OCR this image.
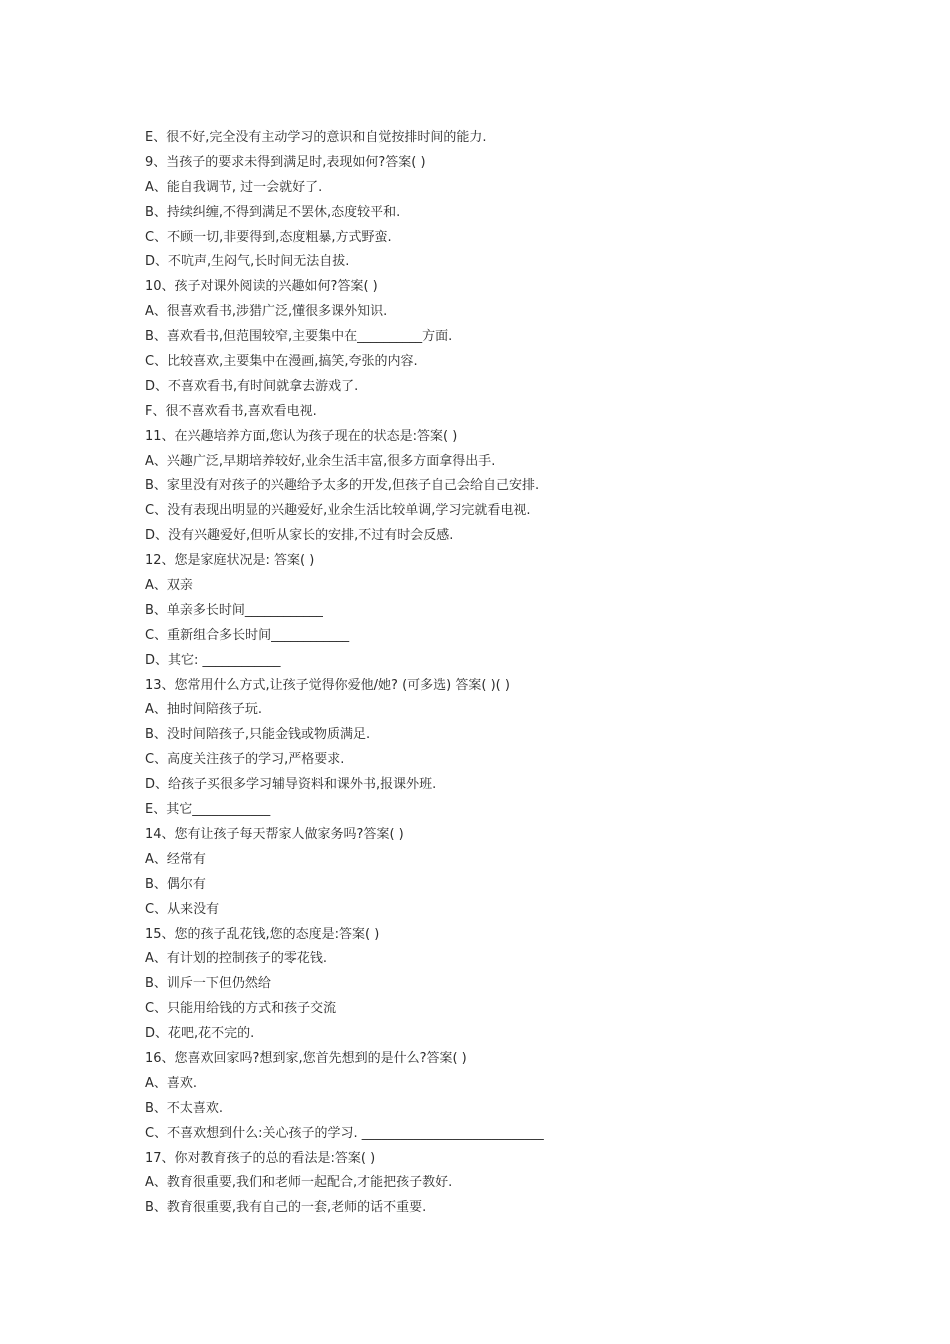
E、很不好,完全没有主动学习的意识和自觉按排时间的能力.
9、当孩子的要求未得到满足时,表现如何?答案( )
A、能自我调节, 过一会就好了.
B、持续纠缠,不得到满足不罢休,态度较平和.
C、不顾一切,非要得到,态度粗暴,方式野蛮.
D、不吭声,生闷气,长时间无法自拔.
10、孩子对课外阅读的兴趣如何?答案( )
A、很喜欢看书,涉猎广泛,懂很多课外知识.
B、喜欢看书,但范围较窄,主要集中在__________方面.
C、比较喜欢,主要集中在漫画,搞笑,夸张的内容.
D、不喜欢看书,有时间就拿去游戏了.
F、很不喜欢看书,喜欢看电视.
11、在兴趣培养方面,您认为孩子现在的状态是:答案( )
A、兴趣广泛,早期培养较好,业余生活丰富,很多方面拿得出手.
B、家里没有对孩子的兴趣给予太多的开发,但孩子自己会给自己安排.
C、没有表现出明显的兴趣爱好,业余生活比较单调,学习完就看电视.
D、没有兴趣爱好,但听从家长的安排,不过有时会反感.
12、您是家庭状况是: 答案( )
A、双亲
B、单亲多长时间____________
C、重新组合多长时间____________
D、其它: ____________
13、您常用什么方式,让孩子觉得你爱他/她? (可多选) 答案( )( )
A、抽时间陪孩子玩.
B、没时间陪孩子,只能金钱或物质满足.
C、高度关注孩子的学习,严格要求.
D、给孩子买很多学习辅导资料和课外书,报课外班.
E、其它____________
14、您有让孩子每天帮家人做家务吗?答案( )
A、经常有
B、偶尔有
C、从来没有
15、您的孩子乱花钱,您的态度是:答案( )
A、有计划的控制孩子的零花钱.
B、训斥一下但仍然给
C、只能用给钱的方式和孩子交流
D、花吧,花不完的.
16、您喜欢回家吗?想到家,您首先想到的是什么?答案( )
A、喜欢.
B、不太喜欢.
C、不喜欢想到什么:关心孩子的学习. ____________________________
17、你对教育孩子的总的看法是:答案( )
A、教育很重要,我们和老师一起配合,才能把孩子教好.
B、教育很重要,我有自己的一套,老师的话不重要.
